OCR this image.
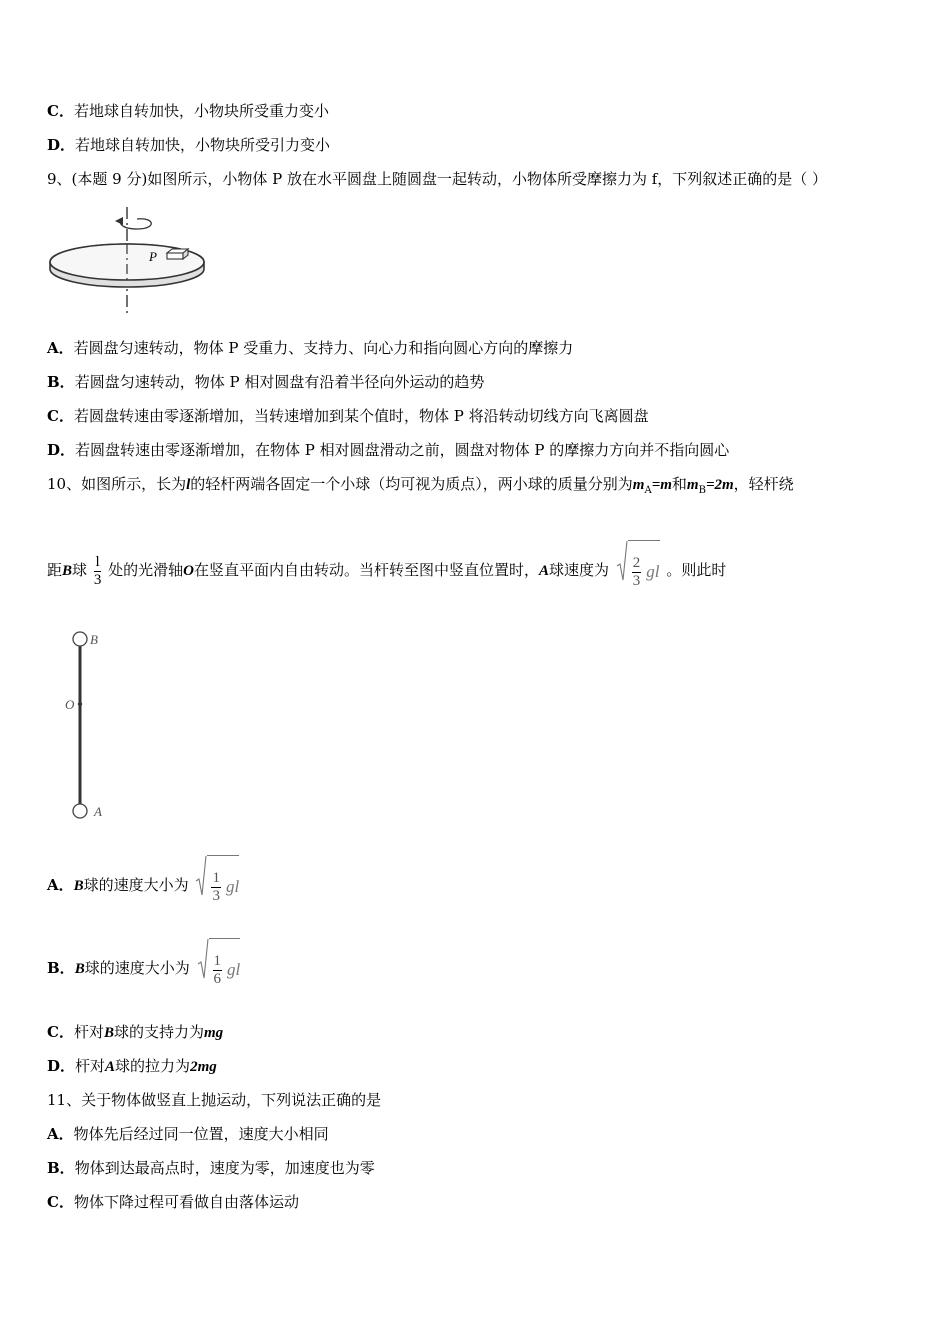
C．若地球自转加快，小物块所受重力变小
D．若地球自转加快，小物块所受引力变小
9、(本题 9 分)如图所示，小物体 P 放在水平圆盘上随圆盘一起转动，小物体所受摩擦力为 f，下列叙述正确的是（ ）
P
A．若圆盘匀速转动，物体 P 受重力、支持力、向心力和指向圆心方向的摩擦力
B．若圆盘匀速转动，物体 P 相对圆盘有沿着半径向外运动的趋势
C．若圆盘转速由零逐渐增加，当转速增加到某个值时，物体 P 将沿转动切线方向飞离圆盘
D．若圆盘转速由零逐渐增加，在物体 P 相对圆盘滑动之前，圆盘对物体 P 的摩擦力方向并不指向圆心
10、如图所示，长为l的轻杆两端各固定一个小球（均可视为质点），两小球的质量分别为$m_A=m$和$m_B=2m$，轻杆绕
距B球 $\frac{l}{3}$ 处的光滑轴O在竖直平面内自由转动。当杆转至图中竖直位置时，A球速度为 $\frac{2}{3}$ gl 。则此时
B
O
A
A．B球的速度大小为 $\frac{1}{3}$ gl
B．B球的速度大小为 $\frac{1}{6}$ gl
C．杆对B球的支持力为mg
D．杆对A球的拉力为2mg
11、关于物体做竖直上抛运动，下列说法正确的是
A．物体先后经过同一位置，速度大小相同
B．物体到达最高点时，速度为零，加速度也为零
C．物体下降过程可看做自由落体运动
